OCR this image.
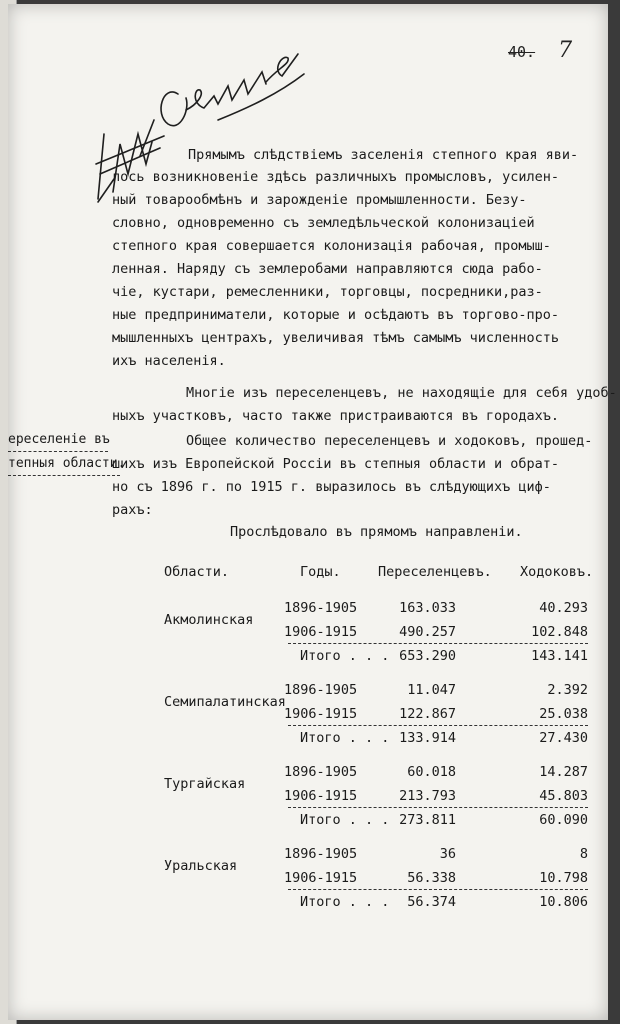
40. 7
Прямымъ слѣдствіемъ заселенія степного края яви-
лось возникновеніе здѣсь различныхъ промысловъ, усилен-
ный товарообмѣнъ и зарожденіе промышленности. Безу-
словно, одновременно съ земледѣльческой колонизаціей
степного края совершается колонизація рабочая, промыш-
ленная. Наряду съ землеробами направляются сюда рабо-
чіе, кустари, ремесленники, торговцы, посредники,раз-
ные предприниматели, которые и осѣдаютъ въ торгово-про-
мышленныхъ центрахъ, увеличивая тѣмъ самымъ численность
ихъ населенія.
Многіе изъ переселенцевъ, не находящіе для себя удоб-
ныхъ участковъ, часто также пристраиваются въ городахъ.
Общее количество переселенцевъ и ходоковъ, прошед-
шихъ изъ Европейской Россіи въ степныя области и обрат-
но съ 1896 г. по 1915 г. выразилось въ слѣдующихъ циф-
рахъ:
ереселеніе въ
тепныя области.
Прослѣдовало въ прямомъ направленіи.
Области.	Годы.	Переселенцевъ. Ходоковъ.
Акмолинская
1896-1905	163.033	40.293
1906-1915	490.257	102.848
Итого . . . 653.290	143.141
Семипалатинская
1896-1905	11.047	2.392
1906-1915	122.867	25.038
Итого . . . 133.914	27.430
Тургайская
1896-1905	60.018	14.287
1906-1915	213.793	45.803
Итого . . . 273.811	60.090
Уральская
1896-1905	36	8
1906-1915	56.338	10.798
Итого . . .	56.374	10.806
